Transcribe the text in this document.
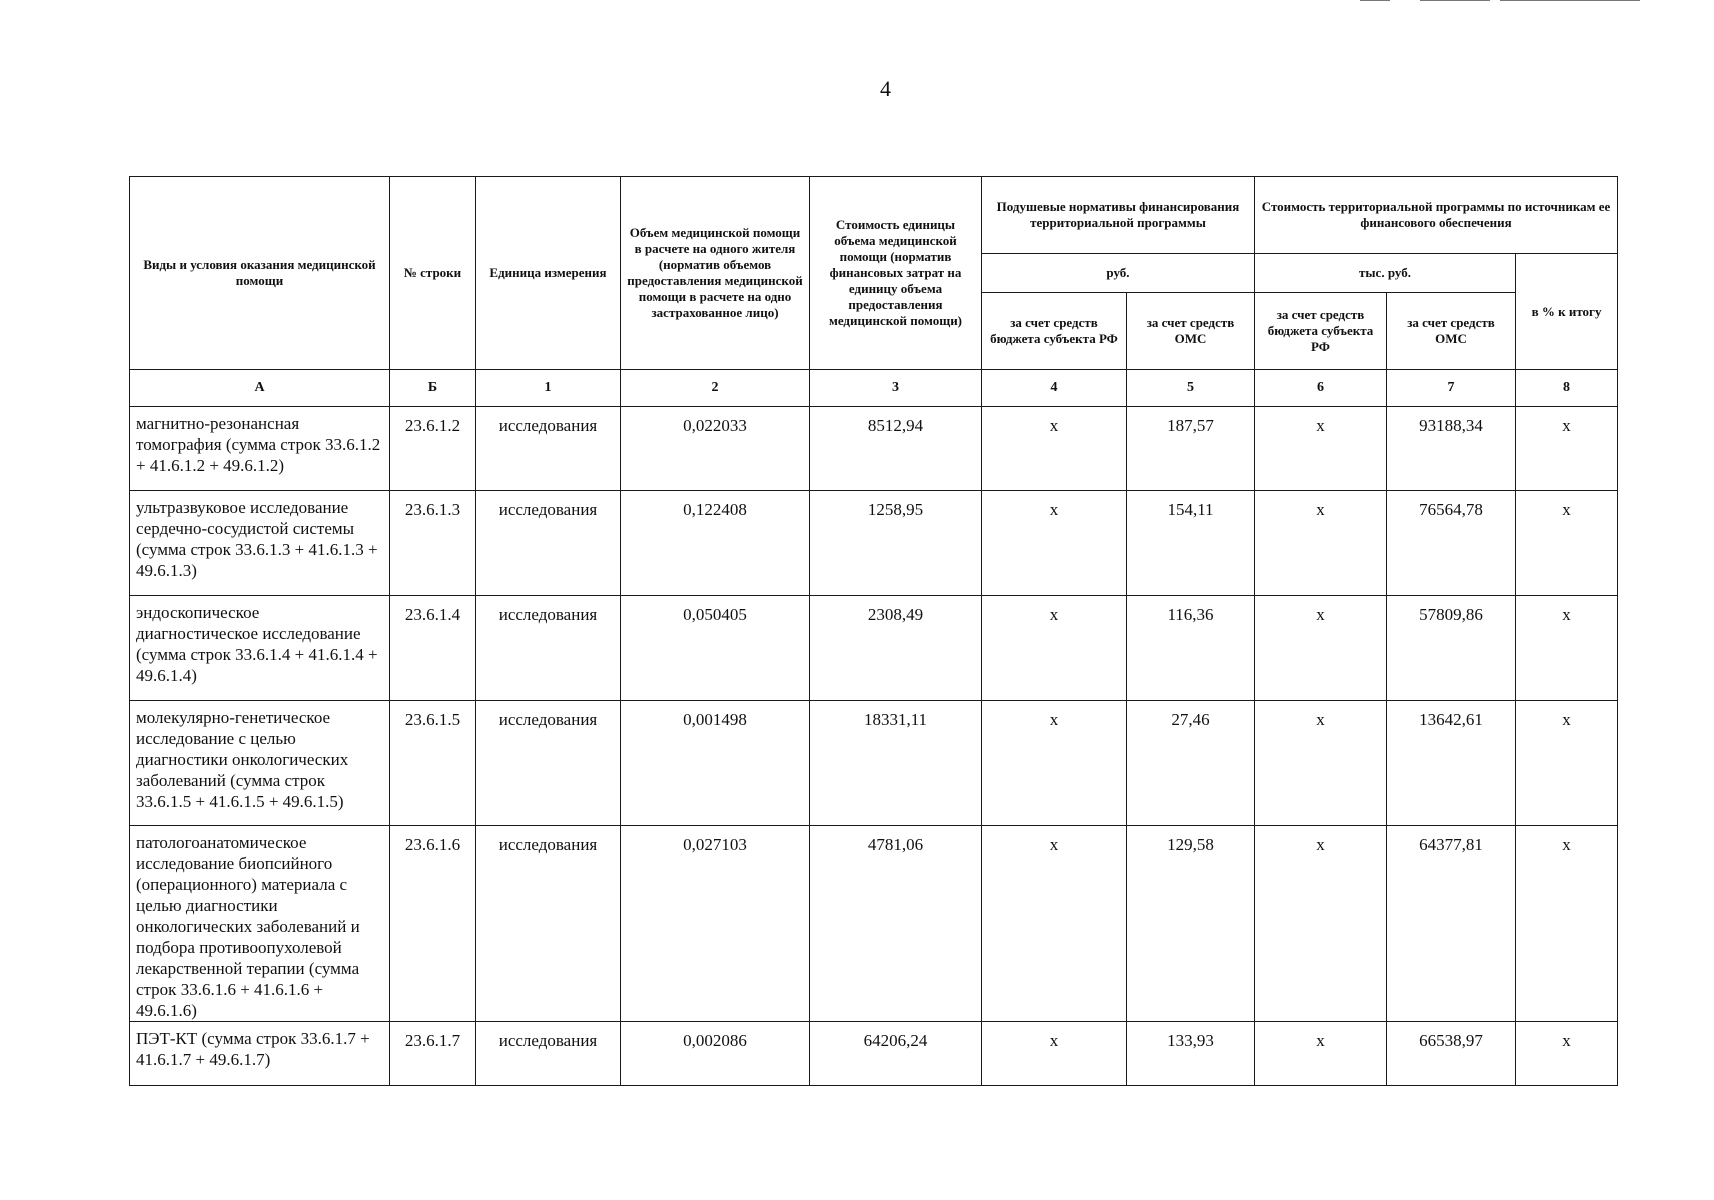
4
Виды и условия оказания медицинской помощи	№ строки	Единица измерения	Объем медицинской помощи в расчете на одного жителя (норматив объемов предоставления медицинской помощи в расчете на одно застрахованное лицо)	Стоимость единицы объема медицинской помощи (норматив финансовых затрат на единицу объема предоставления медицинской помощи)	Подушевые нормативы финансирования территориальной программы		Стоимость территориальной программы по источникам ее финансового обеспечения		
					руб.		тыс. руб.		в % к итогу
					за счет средств бюджета субъекта РФ	за счет средств ОМС	за счет средств бюджета субъекта РФ	за счет средств ОМС	
А	Б	1	2	3	4	5	6	7	8
магнитно-резонансная томография (сумма строк 33.6.1.2 + 41.6.1.2 + 49.6.1.2)	23.6.1.2	исследования	0,022033	8512,94	x	187,57	x	93188,34	x
ультразвуковое исследование сердечно-сосудистой системы (сумма строк 33.6.1.3 + 41.6.1.3 + 49.6.1.3)	23.6.1.3	исследования	0,122408	1258,95	x	154,11	x	76564,78	x
эндоскопическое диагностическое исследование (сумма строк 33.6.1.4 + 41.6.1.4 + 49.6.1.4)	23.6.1.4	исследования	0,050405	2308,49	x	116,36	x	57809,86	x
молекулярно-генетическое исследование с целью диагностики онкологических заболеваний (сумма строк 33.6.1.5 + 41.6.1.5 + 49.6.1.5)	23.6.1.5	исследования	0,001498	18331,11	x	27,46	x	13642,61	x
патологоанатомическое исследование биопсийного (операционного) материала с целью диагностики онкологических заболеваний и подбора противоопухолевой лекарственной терапии (сумма строк 33.6.1.6 + 41.6.1.6 + 49.6.1.6)	23.6.1.6	исследования	0,027103	4781,06	x	129,58	x	64377,81	x
ПЭТ-КТ (сумма строк 33.6.1.7 + 41.6.1.7 + 49.6.1.7)	23.6.1.7	исследования	0,002086	64206,24	x	133,93	x	66538,97	x
